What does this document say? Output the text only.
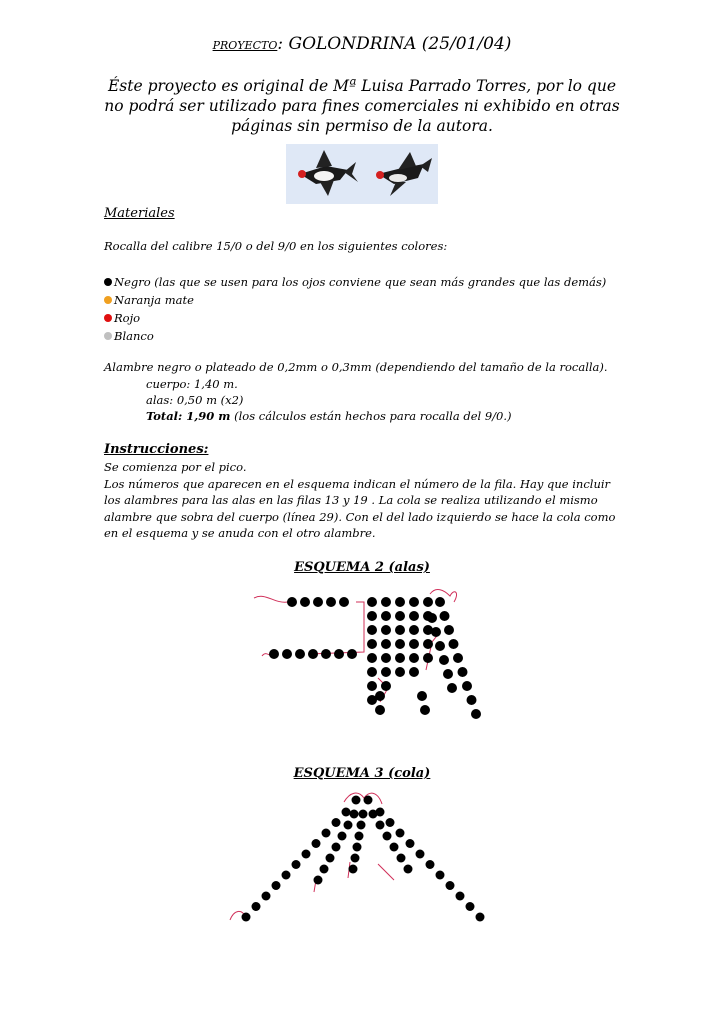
PROYECTO: GOLONDRINA (25/01/04)
Éste proyecto es original de Mª Luisa Parrado Torres, por lo que no podrá ser utilizado para fines comerciales ni exhibido en otras páginas sin permiso de la autora.
Materiales
Rocalla del calibre 15/0 o del 9/0 en los siguientes colores:
Negro (las que se usen para los ojos conviene que sean más grandes que las demás)
Naranja mate
Rojo
Blanco
Alambre negro o plateado de 0,2mm o 0,3mm (dependiendo del tamaño de la rocalla).
cuerpo: 1,40 m.
alas: 0,50 m (x2)
Total: 1,90 m (los cálculos están hechos para rocalla del 9/0.)
Instrucciones:
Se comienza por el pico.
Los números que aparecen en el esquema indican el número de la fila. Hay que incluir los alambres para las alas en las filas 13 y 19 . La cola se realiza utilizando el mismo alambre que sobra del cuerpo (línea 29). Con el del lado izquierdo se hace la cola como en el esquema y se anuda con el otro alambre.
ESQUEMA 2 (alas)
ESQUEMA 3 (cola)
